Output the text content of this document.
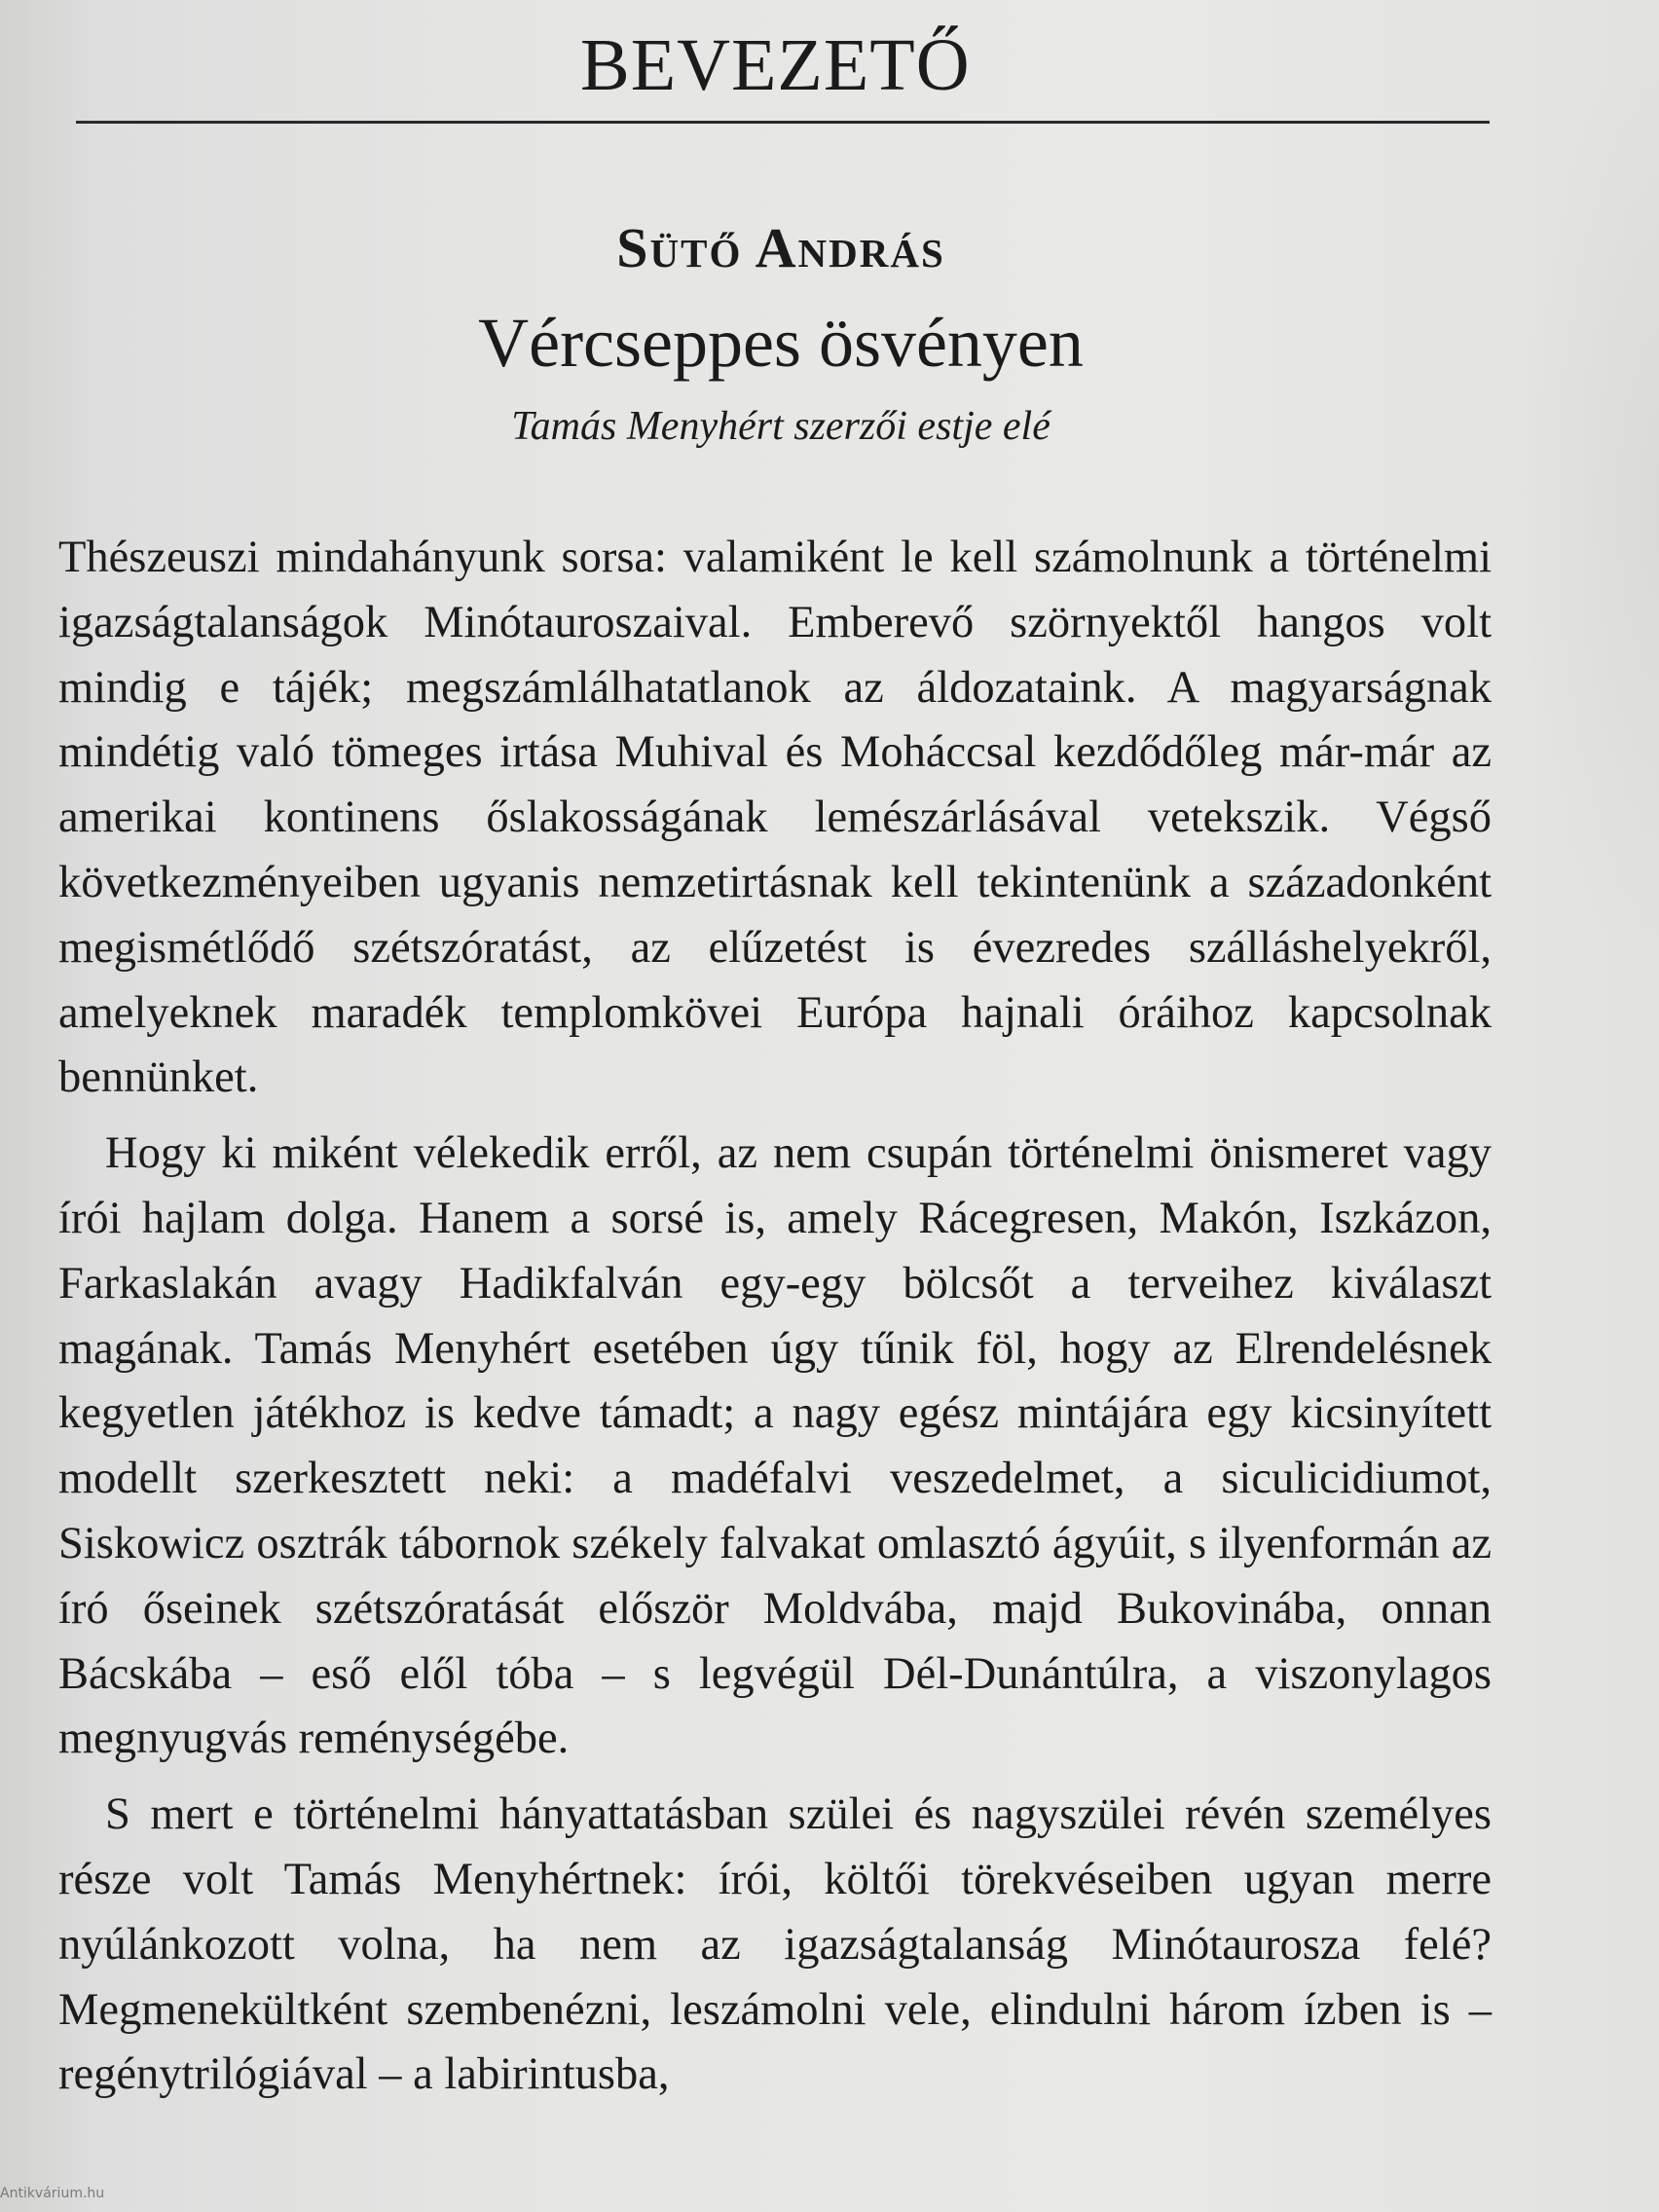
BEVEZETŐ
Sütő András
Vércseppes ösvényen

Tamás Menyhért szerzői estje elé

Thészeuszi mindahányunk sorsa: valamiként le kell számolnunk a történelmi igazságtalanságok Minótauroszaival. Emberevő szörnyektől hangos volt mindig e tájék; megszámlálhatatlanok az áldozataink. A magyarságnak mindétig való tömeges irtása Muhival és Moháccsal kezdődőleg már-már az amerikai kontinens őslakosságának lemészárlásával vetekszik. Végső következményeiben ugyanis nemzetirtásnak kell tekintenünk a századonként megismétlődő szétszóratást, az elűzetést is évezredes szálláshelyekről, amelyeknek maradék templomkövei Európa hajnali óráihoz kapcsolnak bennünket.

Hogy ki miként vélekedik erről, az nem csupán történelmi önismeret vagy írói hajlam dolga. Hanem a sorsé is, amely Rácegresen, Makón, Iszkázon, Farkaslakán avagy Hadikfalván egy-egy bölcsőt a terveihez kiválaszt magának. Tamás Menyhért esetében úgy tűnik föl, hogy az Elrendelésnek kegyetlen játékhoz is kedve támadt; a nagy egész mintájára egy kicsinyített modellt szerkesztett neki: a madéfalvi veszedelmet, a siculicidiumot, Siskowicz osztrák tábornok székely falvakat omlasztó ágyúit, s ilyenformán az író őseinek szétszóratását először Moldvába, majd Bukovinába, onnan Bácskába – eső elől tóba – s legvégül Dél-Dunántúlra, a viszonylagos megnyugvás reménységébe.

S mert e történelmi hányattatásban szülei és nagyszülei révén személyes része volt Tamás Menyhértnek: írói, költői törekvéseiben ugyan merre nyúlánkozott volna, ha nem az igazságtalanság Minótaurosza felé? Megmenekültként szembenézni, leszámolni vele, elindulni három ízben is – regénytrilógiával – a labirintusba,

Antikvárium.hu
